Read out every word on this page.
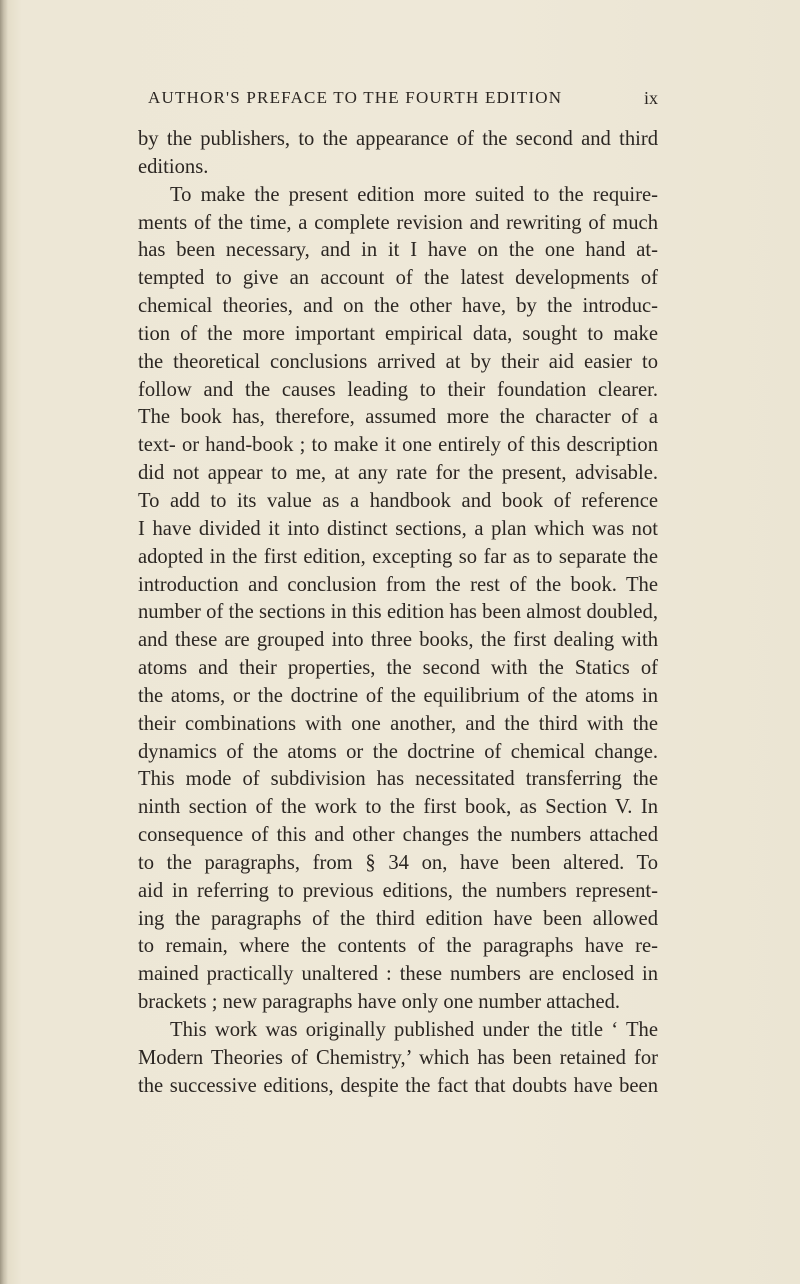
AUTHOR'S PREFACE TO THE FOURTH EDITION	ix
by the publishers, to the appearance of the second and third
editions.
To make the present edition more suited to the require-
ments of the time, a complete revision and rewriting of much
has been necessary, and in it I have on the one hand at-
tempted to give an account of the latest developments of
chemical theories, and on the other have, by the introduc-
tion of the more important empirical data, sought to make
the theoretical conclusions arrived at by their aid easier to
follow and the causes leading to their foundation clearer.
The book has, therefore, assumed more the character of a
text- or hand-book ; to make it one entirely of this description
did not appear to me, at any rate for the present, advisable.
To add to its value as a handbook and book of reference
I have divided it into distinct sections, a plan which was not
adopted in the first edition, excepting so far as to separate the
introduction and conclusion from the rest of the book. The
number of the sections in this edition has been almost doubled,
and these are grouped into three books, the first dealing with
atoms and their properties, the second with the Statics of
the atoms, or the doctrine of the equilibrium of the atoms in
their combinations with one another, and the third with the
dynamics of the atoms or the doctrine of chemical change.
This mode of subdivision has necessitated transferring the
ninth section of the work to the first book, as Section V. In
consequence of this and other changes the numbers attached
to the paragraphs, from § 34 on, have been altered. To
aid in referring to previous editions, the numbers represent-
ing the paragraphs of the third edition have been allowed
to remain, where the contents of the paragraphs have re-
mained practically unaltered : these numbers are enclosed in
brackets ; new paragraphs have only one number attached.
This work was originally published under the title ‘ The
Modern Theories of Chemistry,’ which has been retained for
the successive editions, despite the fact that doubts have been
